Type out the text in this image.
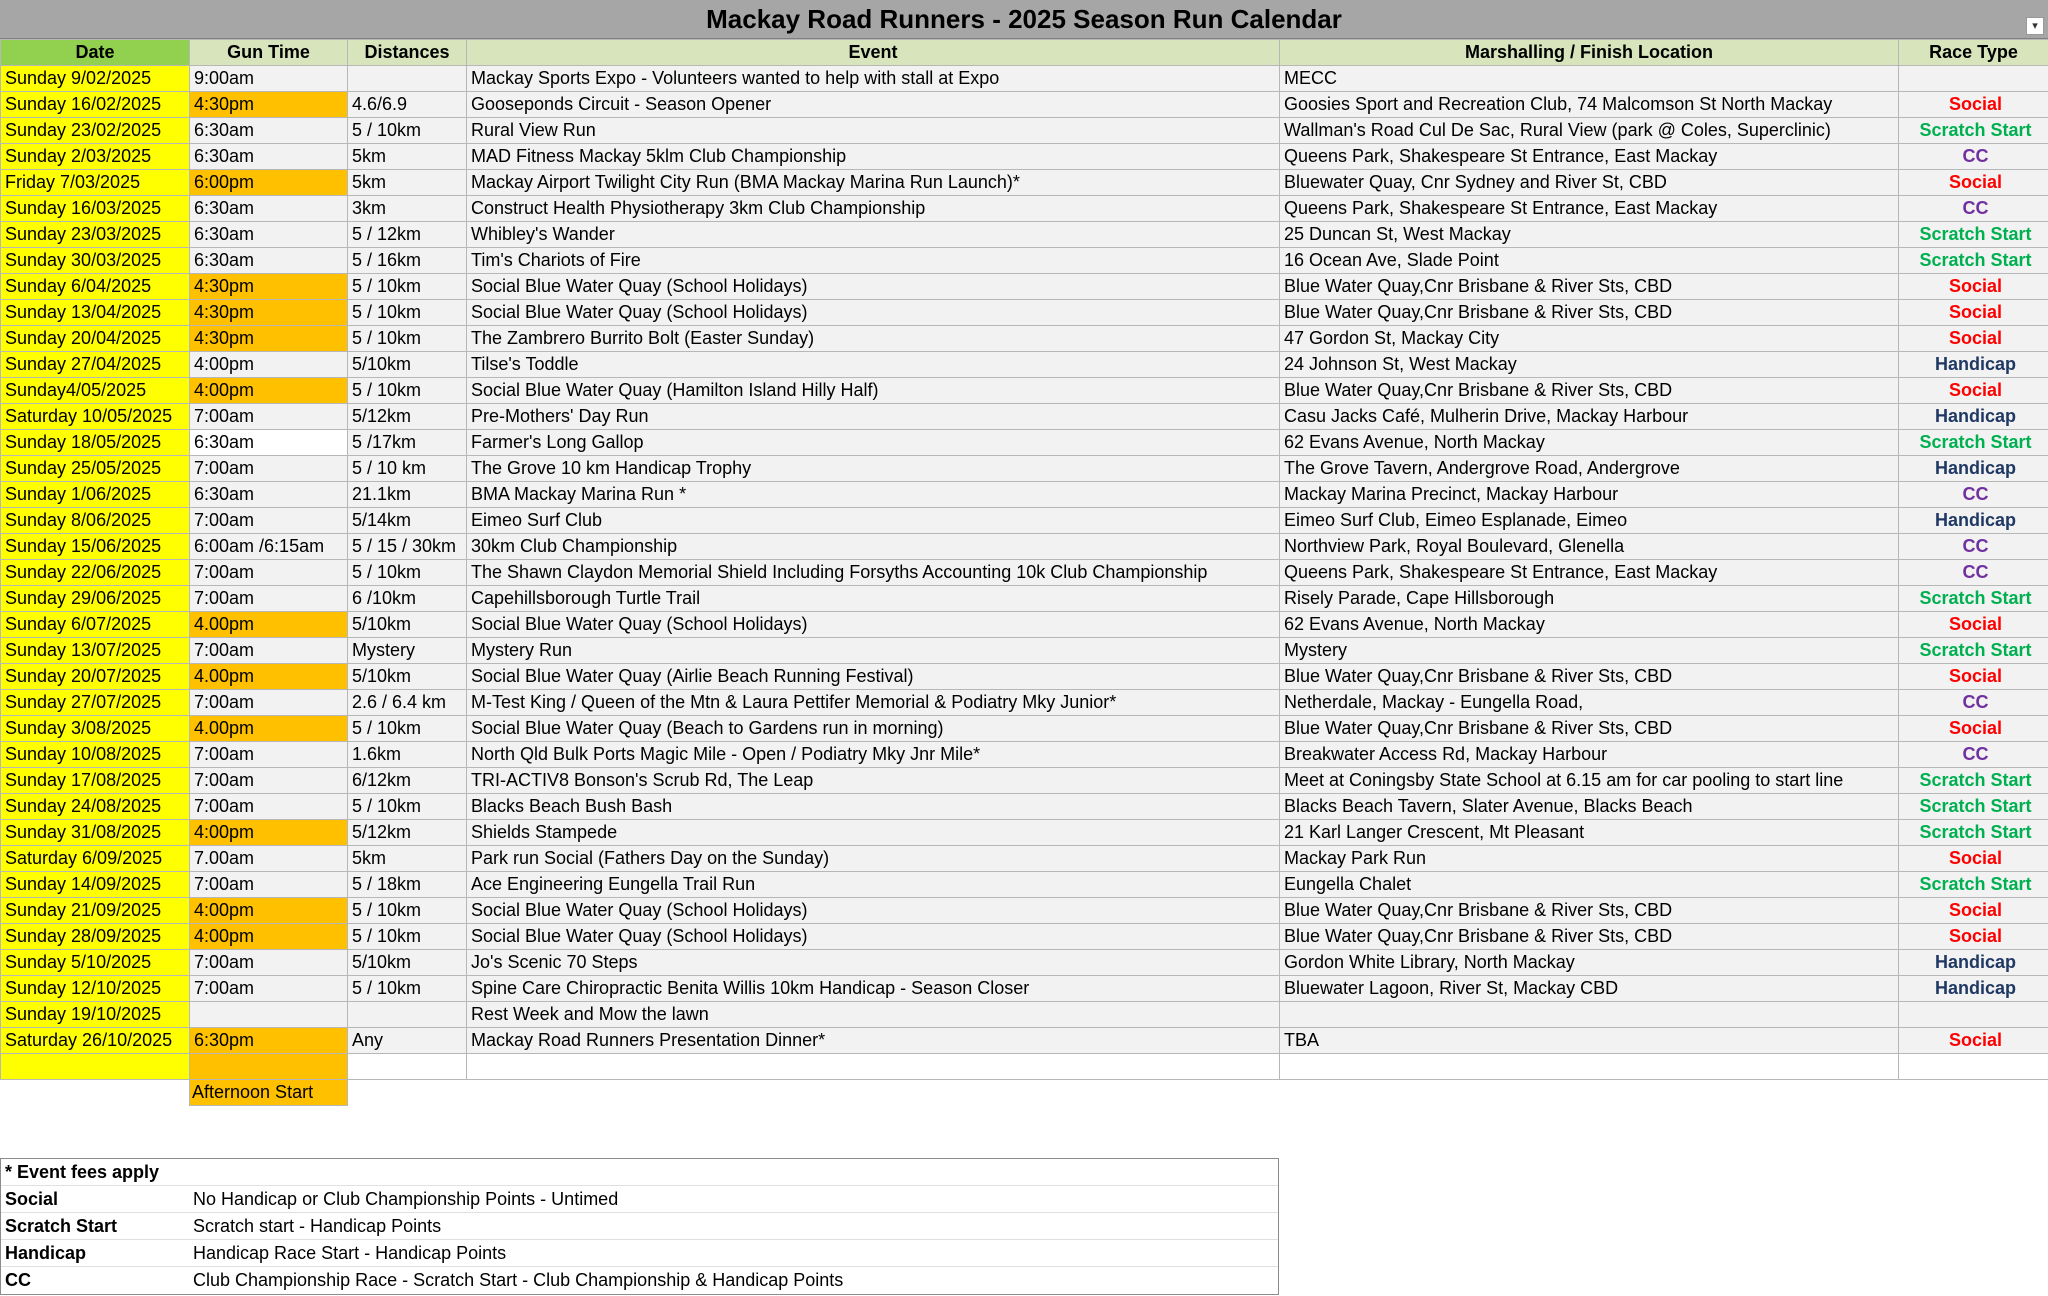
Mackay Road Runners - 2025 Season Run Calendar	▾
Date	Gun Time	Distances	Event	Marshalling / Finish Location	Race Type
Sunday 9/02/2025	9:00am		Mackay Sports Expo - Volunteers wanted to help with stall at Expo	MECC	
Sunday 16/02/2025	4:30pm	4.6/6.9	Gooseponds Circuit - Season Opener	Goosies Sport and Recreation Club, 74 Malcomson St North Mackay	Social
Sunday 23/02/2025	6:30am	5 / 10km	Rural View Run	Wallman's Road Cul De Sac, Rural View (park @ Coles, Superclinic)	Scratch Start
Sunday 2/03/2025	6:30am	5km	MAD Fitness Mackay 5klm Club Championship	Queens Park, Shakespeare St Entrance, East Mackay	CC
Friday 7/03/2025	6:00pm	5km	Mackay Airport Twilight City Run (BMA Mackay Marina Run Launch)*	Bluewater Quay, Cnr Sydney and River St, CBD	Social
Sunday 16/03/2025	6:30am	3km	Construct Health Physiotherapy 3km Club Championship	Queens Park, Shakespeare St Entrance, East Mackay	CC
Sunday 23/03/2025	6:30am	5 / 12km	Whibley's Wander	25 Duncan St, West Mackay	Scratch Start
Sunday 30/03/2025	6:30am	5 / 16km	Tim's Chariots of Fire	16 Ocean Ave, Slade Point	Scratch Start
Sunday 6/04/2025	4:30pm	5 / 10km	Social Blue Water Quay (School Holidays)	Blue Water Quay,Cnr Brisbane & River Sts, CBD	Social
Sunday 13/04/2025	4:30pm	5 / 10km	Social Blue Water Quay (School Holidays)	Blue Water Quay,Cnr Brisbane & River Sts, CBD	Social
Sunday 20/04/2025	4:30pm	5 / 10km	The Zambrero Burrito Bolt (Easter Sunday)	47 Gordon St, Mackay City	Social
Sunday 27/04/2025	4:00pm	5/10km	Tilse's Toddle	24 Johnson St, West Mackay	Handicap
Sunday4/05/2025	4:00pm	5 / 10km	Social Blue Water Quay (Hamilton Island Hilly Half)	Blue Water Quay,Cnr Brisbane & River Sts, CBD	Social
Saturday 10/05/2025	7:00am	5/12km	Pre-Mothers' Day Run	Casu Jacks Café, Mulherin Drive, Mackay Harbour	Handicap
Sunday 18/05/2025	6:30am	5 /17km	Farmer's Long Gallop	62 Evans Avenue, North Mackay	Scratch Start
Sunday 25/05/2025	7:00am	5 / 10 km	The Grove 10 km Handicap Trophy	The Grove Tavern, Andergrove Road, Andergrove	Handicap
Sunday 1/06/2025	6:30am	21.1km	BMA Mackay Marina Run *	Mackay Marina Precinct, Mackay Harbour	CC
Sunday 8/06/2025	7:00am	5/14km	Eimeo Surf Club	Eimeo Surf Club, Eimeo Esplanade, Eimeo	Handicap
Sunday 15/06/2025	6:00am /6:15am	5 / 15 / 30km	30km Club Championship	Northview Park, Royal Boulevard, Glenella	CC
Sunday 22/06/2025	7:00am	5 / 10km	The Shawn Claydon Memorial Shield Including Forsyths Accounting 10k Club Championship	Queens Park, Shakespeare St Entrance, East Mackay	CC
Sunday 29/06/2025	7:00am	6 /10km	Capehillsborough Turtle Trail	Risely Parade, Cape Hillsborough	Scratch Start
Sunday 6/07/2025	4.00pm	5/10km	Social Blue Water Quay (School Holidays)	62 Evans Avenue, North Mackay	Social
Sunday 13/07/2025	7:00am	Mystery	Mystery Run	Mystery	Scratch Start
Sunday 20/07/2025	4.00pm	5/10km	Social Blue Water Quay (Airlie Beach Running Festival)	Blue Water Quay,Cnr Brisbane & River Sts, CBD	Social
Sunday 27/07/2025	7:00am	2.6 / 6.4 km	M-Test King / Queen of the Mtn & Laura Pettifer Memorial & Podiatry Mky Junior*	Netherdale, Mackay - Eungella Road,	CC
Sunday 3/08/2025	4.00pm	5 / 10km	Social Blue Water Quay (Beach to Gardens run in morning)	Blue Water Quay,Cnr Brisbane & River Sts, CBD	Social
Sunday 10/08/2025	7:00am	1.6km	North Qld Bulk Ports Magic Mile - Open / Podiatry Mky Jnr Mile*	Breakwater Access Rd, Mackay Harbour	CC
Sunday 17/08/2025	7:00am	6/12km	TRI-ACTIV8 Bonson's Scrub Rd, The Leap	Meet at Coningsby State School at 6.15 am for car pooling to start line	Scratch Start
Sunday 24/08/2025	7:00am	5 / 10km	Blacks Beach Bush Bash	Blacks Beach Tavern, Slater Avenue, Blacks Beach	Scratch Start
Sunday 31/08/2025	4:00pm	5/12km	Shields Stampede	21 Karl Langer Crescent, Mt Pleasant	Scratch Start
Saturday 6/09/2025	7.00am	5km	Park run Social (Fathers Day on the Sunday)	Mackay Park Run	Social
Sunday 14/09/2025	7:00am	5 / 18km	Ace Engineering Eungella Trail Run	Eungella Chalet	Scratch Start
Sunday 21/09/2025	4:00pm	5 / 10km	Social Blue Water Quay (School Holidays)	Blue Water Quay,Cnr Brisbane & River Sts, CBD	Social
Sunday 28/09/2025	4:00pm	5 / 10km	Social Blue Water Quay (School Holidays)	Blue Water Quay,Cnr Brisbane & River Sts, CBD	Social
Sunday 5/10/2025	7:00am	5/10km	Jo's Scenic 70 Steps	Gordon White Library, North Mackay	Handicap
Sunday 12/10/2025	7:00am	5 / 10km	Spine Care Chiropractic Benita Willis 10km Handicap - Season Closer	Bluewater Lagoon, River St, Mackay CBD	Handicap
Sunday 19/10/2025			Rest Week and Mow the lawn		
Saturday 26/10/2025	6:30pm	Any	Mackay Road Runners Presentation Dinner*	TBA	Social

	Afternoon Start				
* Event fees apply
Social	No Handicap or Club Championship Points - Untimed
Scratch Start	Scratch start - Handicap Points
Handicap	Handicap Race Start - Handicap Points
CC	Club Championship Race - Scratch Start - Club Championship & Handicap Points
